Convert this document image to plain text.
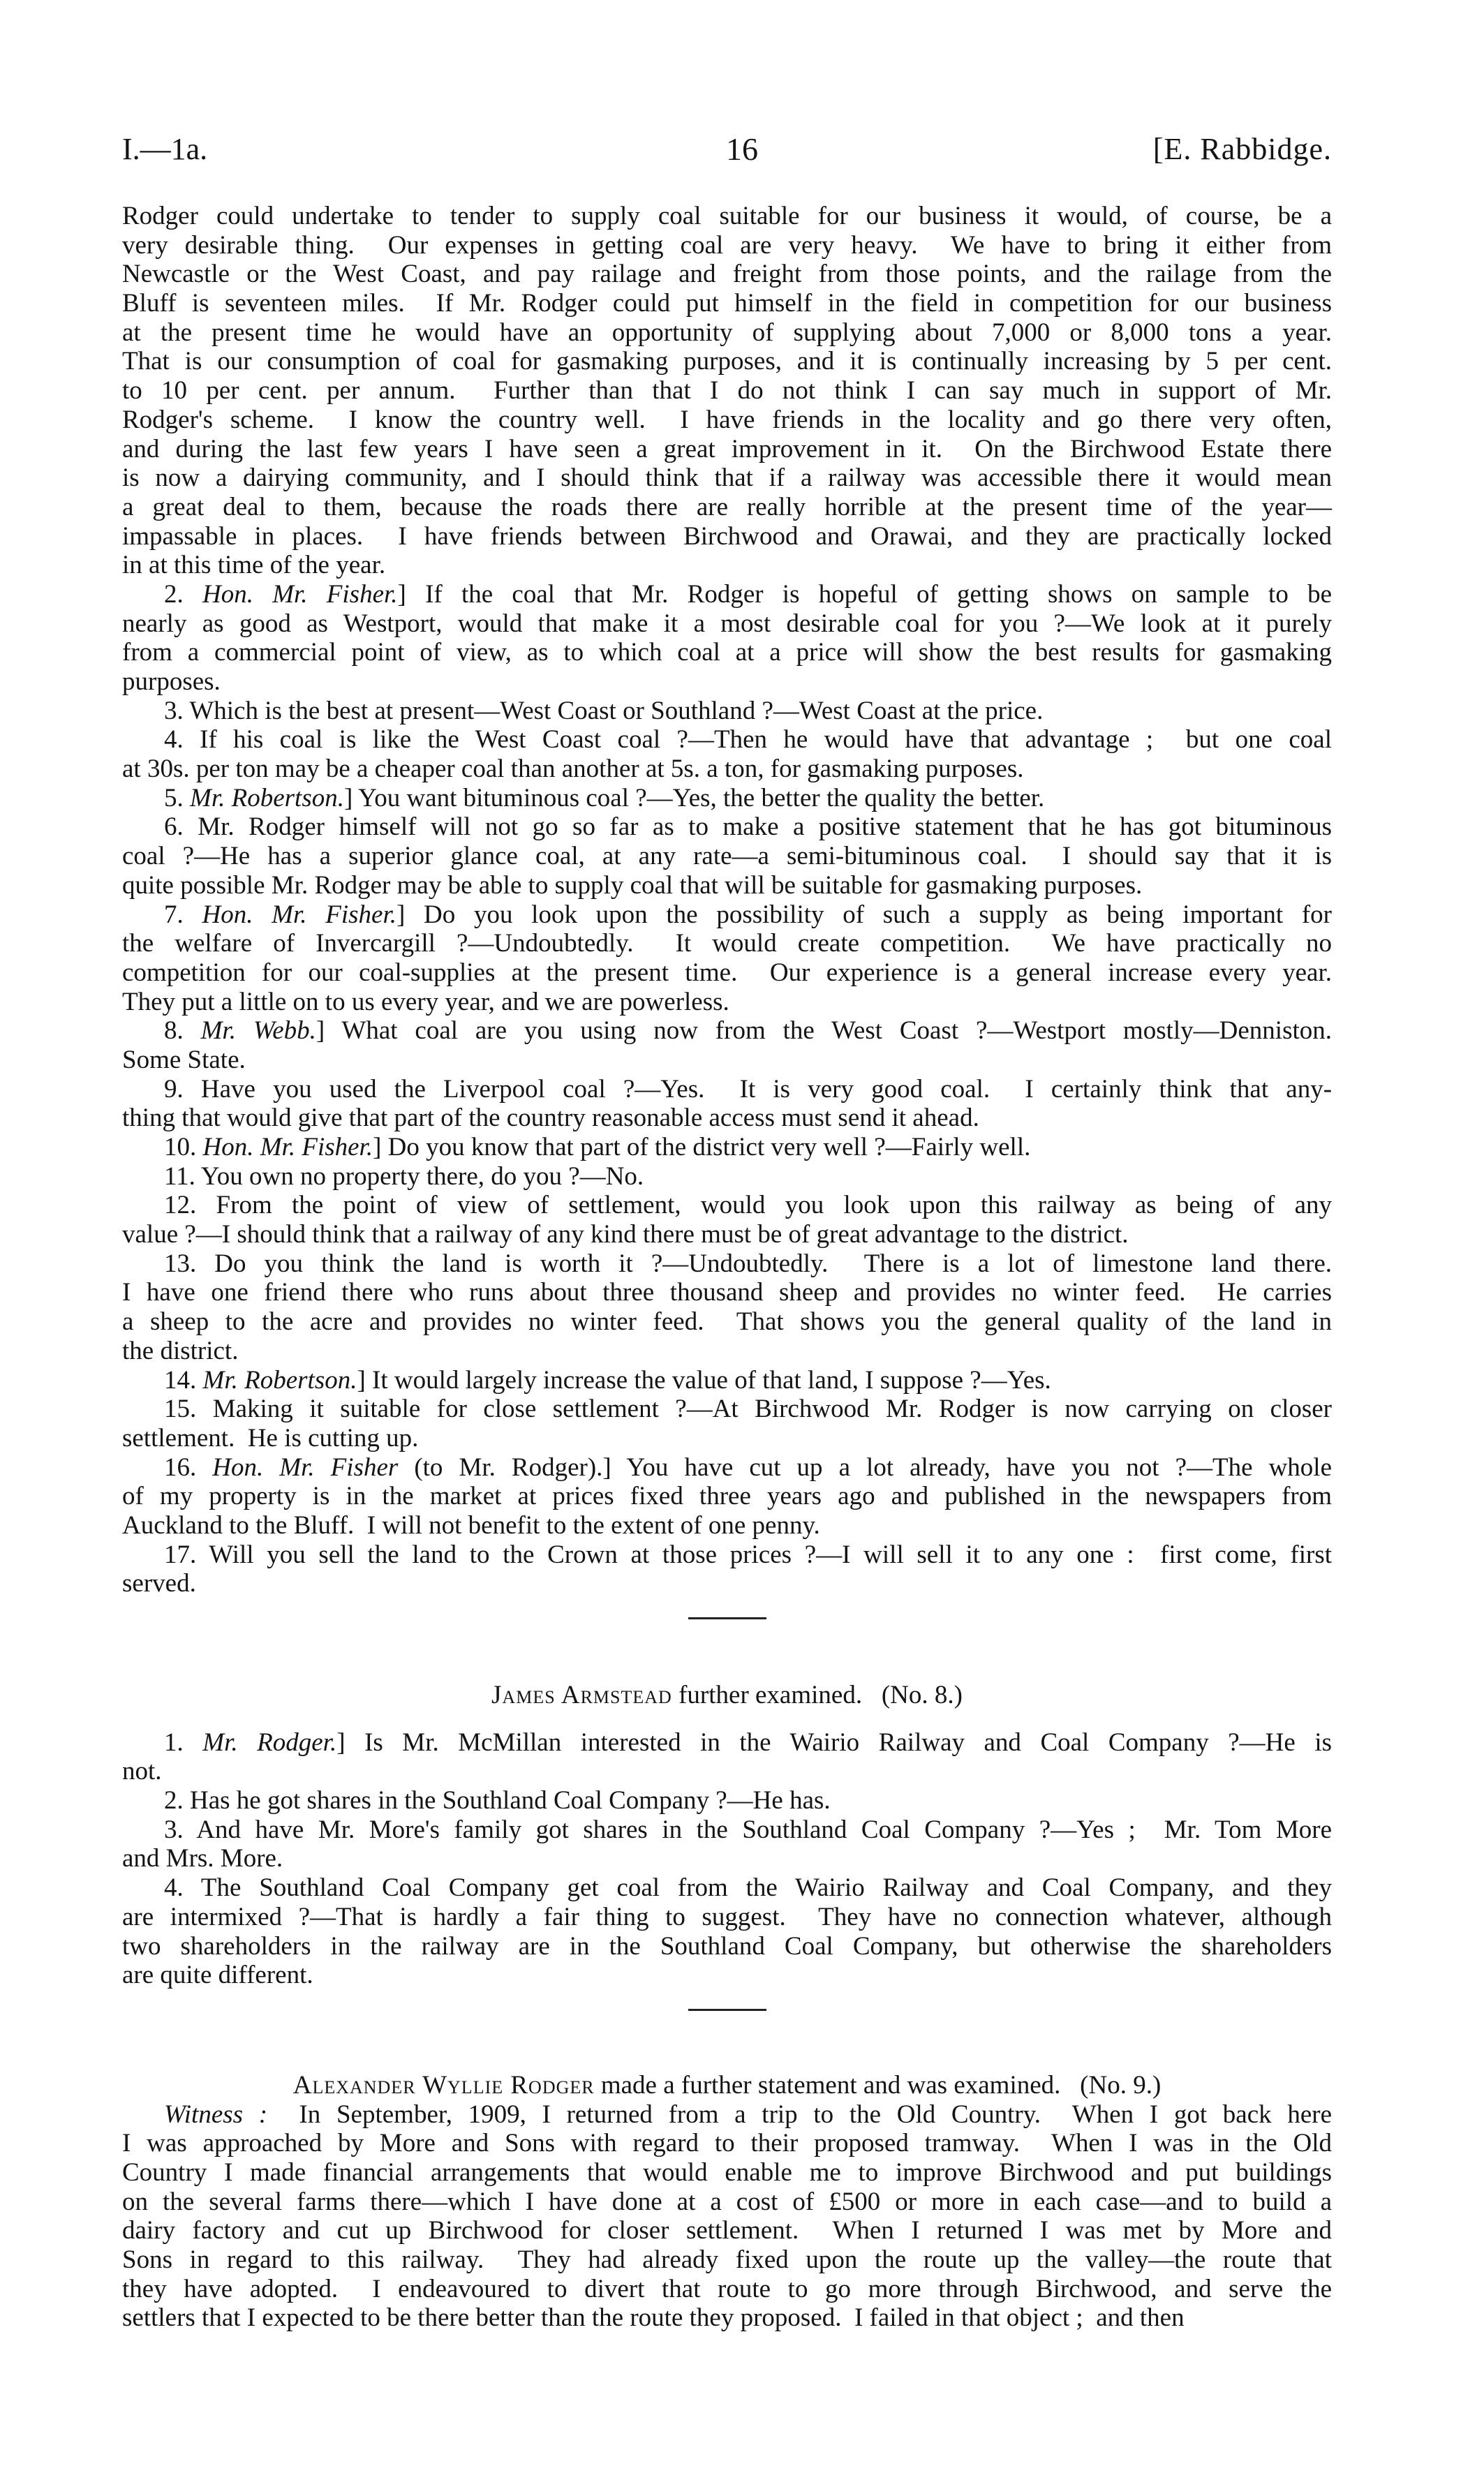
I.—1a.	16	[E. Rabbidge.
Rodger could undertake to tender to supply coal suitable for our business it would, of course, be a
very desirable thing.  Our expenses in getting coal are very heavy.  We have to bring it either from
Newcastle or the West Coast, and pay railage and freight from those points, and the railage from the
Bluff is seventeen miles.  If Mr. Rodger could put himself in the field in competition for our business
at the present time he would have an opportunity of supplying about 7,000 or 8,000 tons a year.
That is our consumption of coal for gasmaking purposes, and it is continually increasing by 5 per cent.
to 10 per cent. per annum.  Further than that I do not think I can say much in support of Mr.
Rodger's scheme.  I know the country well.  I have friends in the locality and go there very often,
and during the last few years I have seen a great improvement in it.  On the Birchwood Estate there
is now a dairying community, and I should think that if a railway was accessible there it would mean
a great deal to them, because the roads there are really horrible at the present time of the year—
impassable in places.  I have friends between Birchwood and Orawai, and they are practically locked
in at this time of the year.
2. Hon. Mr. Fisher.] If the coal that Mr. Rodger is hopeful of getting shows on sample to be
nearly as good as Westport, would that make it a most desirable coal for you ?—We look at it purely
from a commercial point of view, as to which coal at a price will show the best results for gasmaking
purposes.
3. Which is the best at present—West Coast or Southland ?—West Coast at the price.
4. If his coal is like the West Coast coal ?—Then he would have that advantage ;  but one coal
at 30s. per ton may be a cheaper coal than another at 5s. a ton, for gasmaking purposes.
5. Mr. Robertson.] You want bituminous coal ?—Yes, the better the quality the better.
6. Mr. Rodger himself will not go so far as to make a positive statement that he has got bituminous
coal ?—He has a superior glance coal, at any rate—a semi-bituminous coal.  I should say that it is
quite possible Mr. Rodger may be able to supply coal that will be suitable for gasmaking purposes.
7. Hon. Mr. Fisher.] Do you look upon the possibility of such a supply as being important for
the welfare of Invercargill ?—Undoubtedly.  It would create competition.  We have practically no
competition for our coal-supplies at the present time.  Our experience is a general increase every year.
They put a little on to us every year, and we are powerless.
8. Mr. Webb.] What coal are you using now from the West Coast ?—Westport mostly—Denniston.
Some State.
9. Have you used the Liverpool coal ?—Yes.  It is very good coal.  I certainly think that any-
thing that would give that part of the country reasonable access must send it ahead.
10. Hon. Mr. Fisher.] Do you know that part of the district very well ?—Fairly well.
11. You own no property there, do you ?—No.
12. From the point of view of settlement, would you look upon this railway as being of any
value ?—I should think that a railway of any kind there must be of great advantage to the district.
13. Do you think the land is worth it ?—Undoubtedly.  There is a lot of limestone land there.
I have one friend there who runs about three thousand sheep and provides no winter feed.  He carries
a sheep to the acre and provides no winter feed.  That shows you the general quality of the land in
the district.
14. Mr. Robertson.] It would largely increase the value of that land, I suppose ?—Yes.
15. Making it suitable for close settlement ?—At Birchwood Mr. Rodger is now carrying on closer
settlement.  He is cutting up.
16. Hon. Mr. Fisher (to Mr. Rodger).] You have cut up a lot already, have you not ?—The whole
of my property is in the market at prices fixed three years ago and published in the newspapers from
Auckland to the Bluff.  I will not benefit to the extent of one penny.
17. Will you sell the land to the Crown at those prices ?—I will sell it to any one :  first come, first
served.
James Armstead further examined.   (No. 8.)
1. Mr. Rodger.] Is Mr. McMillan interested in the Wairio Railway and Coal Company ?—He is
not.
2. Has he got shares in the Southland Coal Company ?—He has.
3. And have Mr. More's family got shares in the Southland Coal Company ?—Yes ;  Mr. Tom More
and Mrs. More.
4. The Southland Coal Company get coal from the Wairio Railway and Coal Company, and they
are intermixed ?—That is hardly a fair thing to suggest.  They have no connection whatever, although
two shareholders in the railway are in the Southland Coal Company, but otherwise the shareholders
are quite different.
Alexander Wyllie Rodger made a further statement and was examined.   (No. 9.)
Witness :  In September, 1909, I returned from a trip to the Old Country.  When I got back here
I was approached by More and Sons with regard to their proposed tramway.  When I was in the Old
Country I made financial arrangements that would enable me to improve Birchwood and put buildings
on the several farms there—which I have done at a cost of £500 or more in each case—and to build a
dairy factory and cut up Birchwood for closer settlement.  When I returned I was met by More and
Sons in regard to this railway.  They had already fixed upon the route up the valley—the route that
they have adopted.  I endeavoured to divert that route to go more through Birchwood, and serve the
settlers that I expected to be there better than the route they proposed.  I failed in that object ;  and then
